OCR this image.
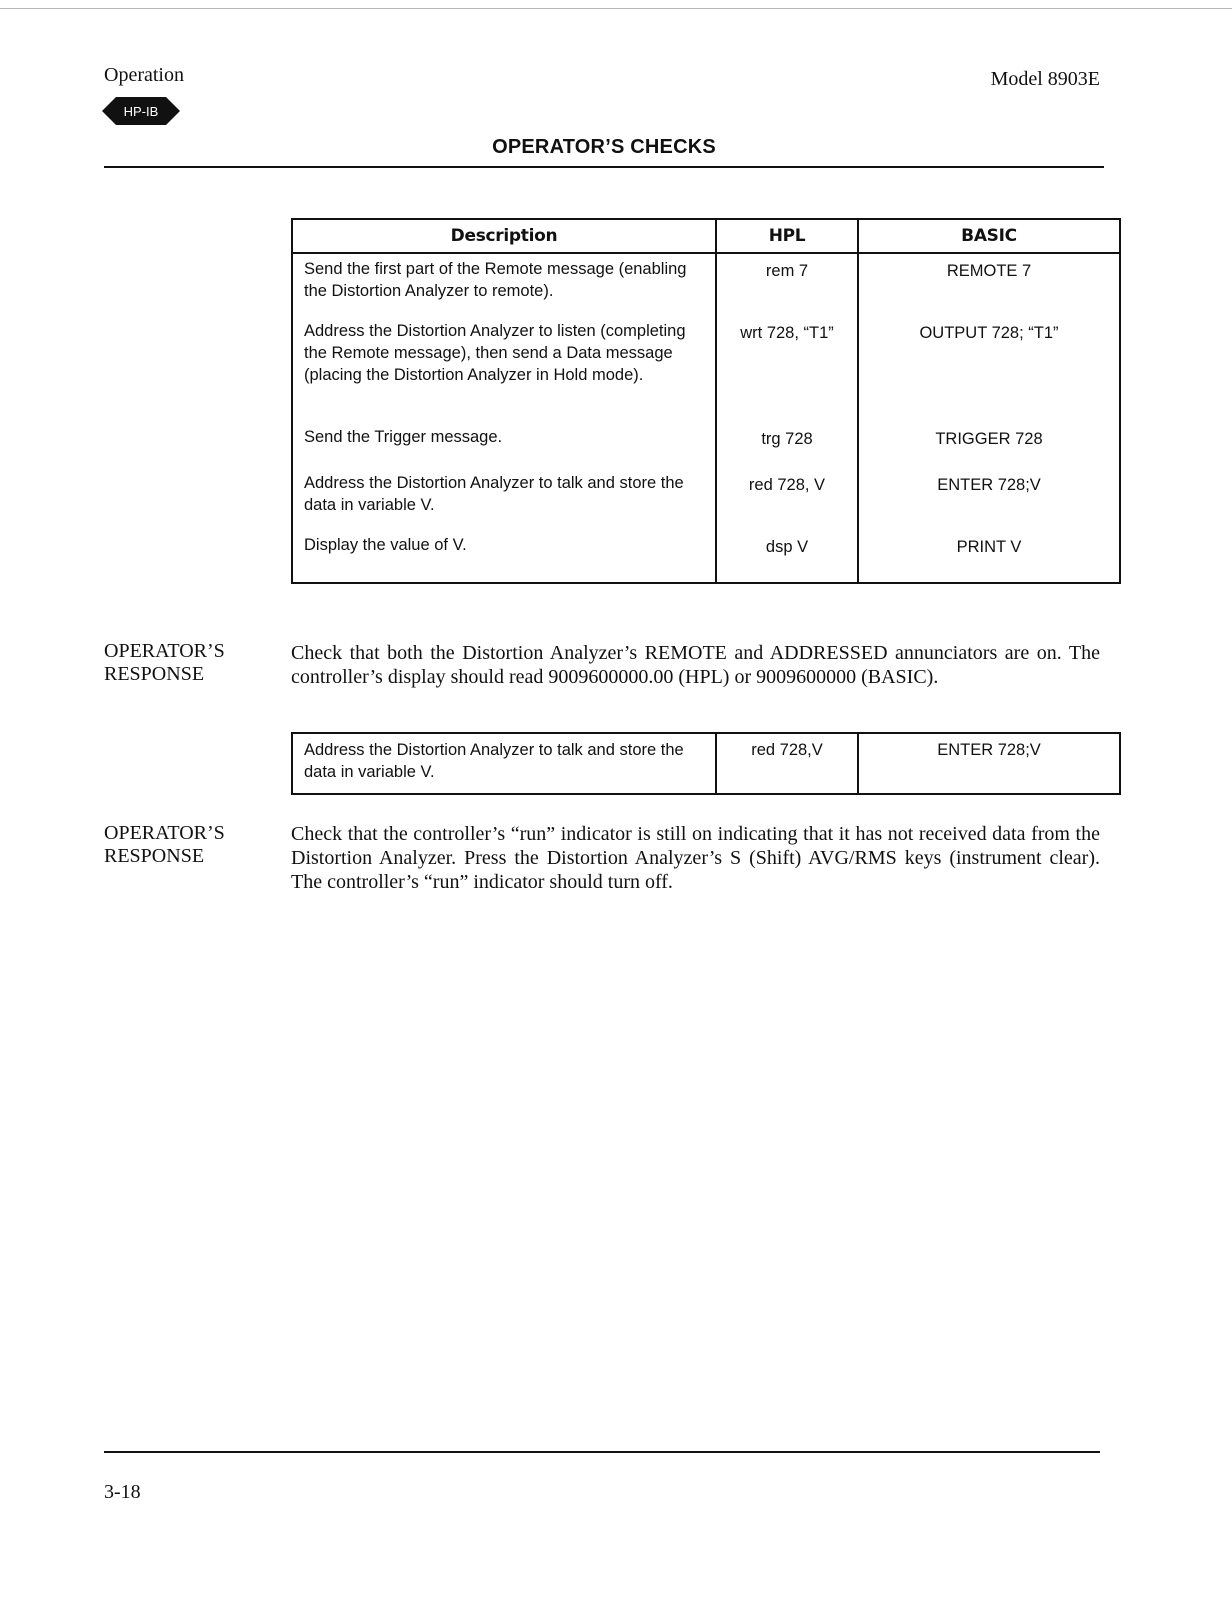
Operation	Model 8903E
HP-IB
OPERATOR’S CHECKS
Description	HPL	BASIC
Send the first part of the Remote message (enabling the Distortion Analyzer to remote).	rem 7	REMOTE 7

Address the Distortion Analyzer to listen (completing the Remote message), then send a Data message (placing the Distortion Analyzer in Hold mode).	wrt 728, “T1”	OUTPUT 728; “T1”

Send the Trigger message.	trg 728	TRIGGER 728

Address the Distortion Analyzer to talk and store the data in variable V.	red 728, V	ENTER 728;V

Display the value of V.	dsp V	PRINT V
OPERATOR’S
RESPONSE
Check that both the Distortion Analyzer’s REMOTE and ADDRESSED annunciators are on. The controller’s display should read 9009600000.00 (HPL) or 9009600000 (BASIC).
Address the Distortion Analyzer to talk and store the data in variable V.	red 728,V	ENTER 728;V
OPERATOR’S
RESPONSE
Check that the controller’s “run” indicator is still on indicating that it has not received data from the Distortion Analyzer. Press the Distortion Analyzer’s S (Shift) AVG/RMS keys (instrument clear). The controller’s “run” indicator should turn off.
3-18
